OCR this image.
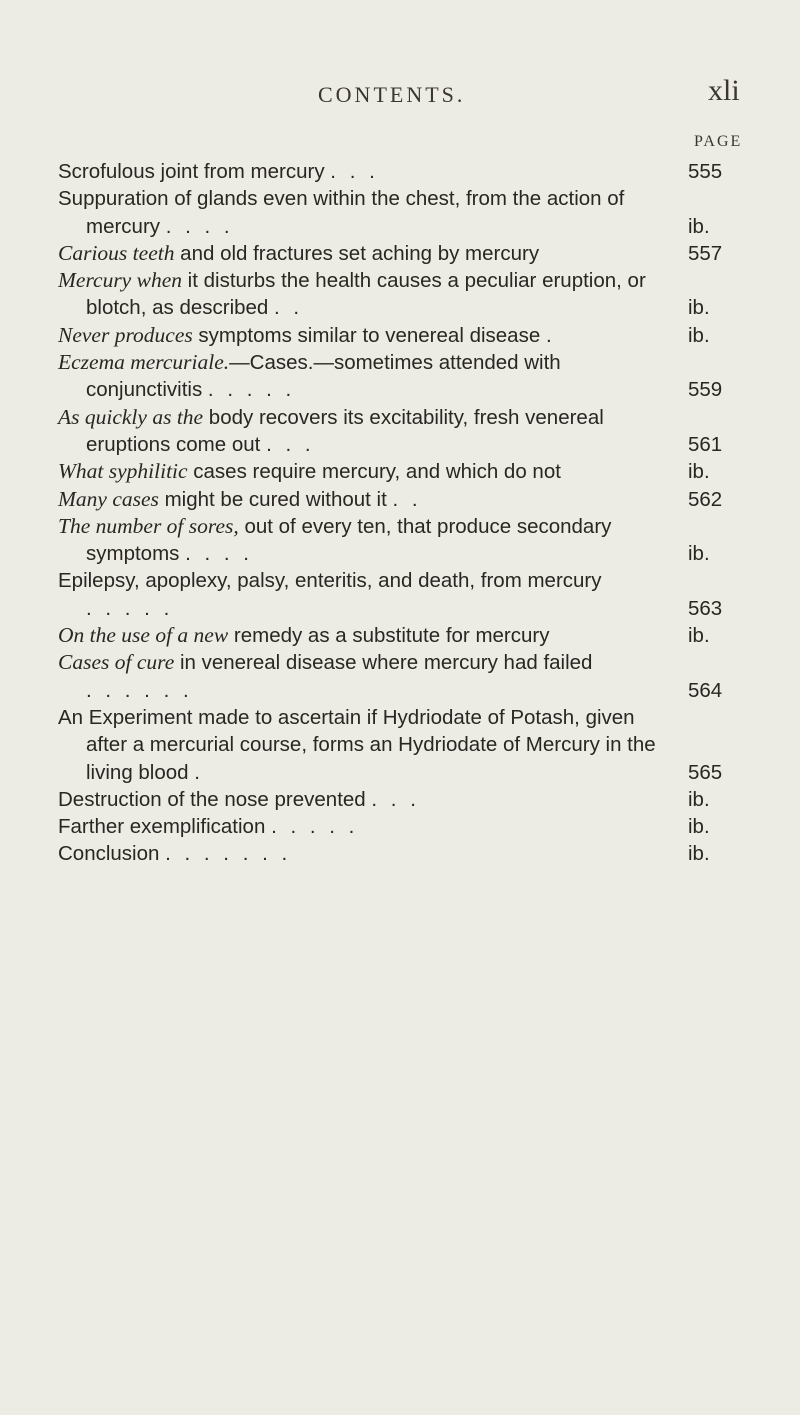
CONTENTS.	xli
PAGE
Scrofulous joint from mercury . . .	555
Suppuration of glands even within the chest, from the action of mercury . . . .	ib.
Carious teeth and old fractures set aching by mercury	557
Mercury when it disturbs the health causes a peculiar eruption, or blotch, as described . .	ib.
Never produces symptoms similar to venereal disease .	ib.
Eczema mercuriale.—Cases.—sometimes attended with conjunctivitis . . . . .	559
As quickly as the body recovers its excitability, fresh venereal eruptions come out . . .	561
What syphilitic cases require mercury, and which do not	ib.
Many cases might be cured without it . .	562
The number of sores, out of every ten, that produce secondary symptoms . . . .	ib.
Epilepsy, apoplexy, palsy, enteritis, and death, from mercury . . . . .	563
On the use of a new remedy as a substitute for mercury	ib.
Cases of cure in venereal disease where mercury had failed . . . . . .	564
An Experiment made to ascertain if Hydriodate of Potash, given after a mercurial course, forms an Hydriodate of Mercury in the living blood .	565
Destruction of the nose prevented . . .	ib.
Farther exemplification . . . . .	ib.
Conclusion . . . . . . .	ib.
